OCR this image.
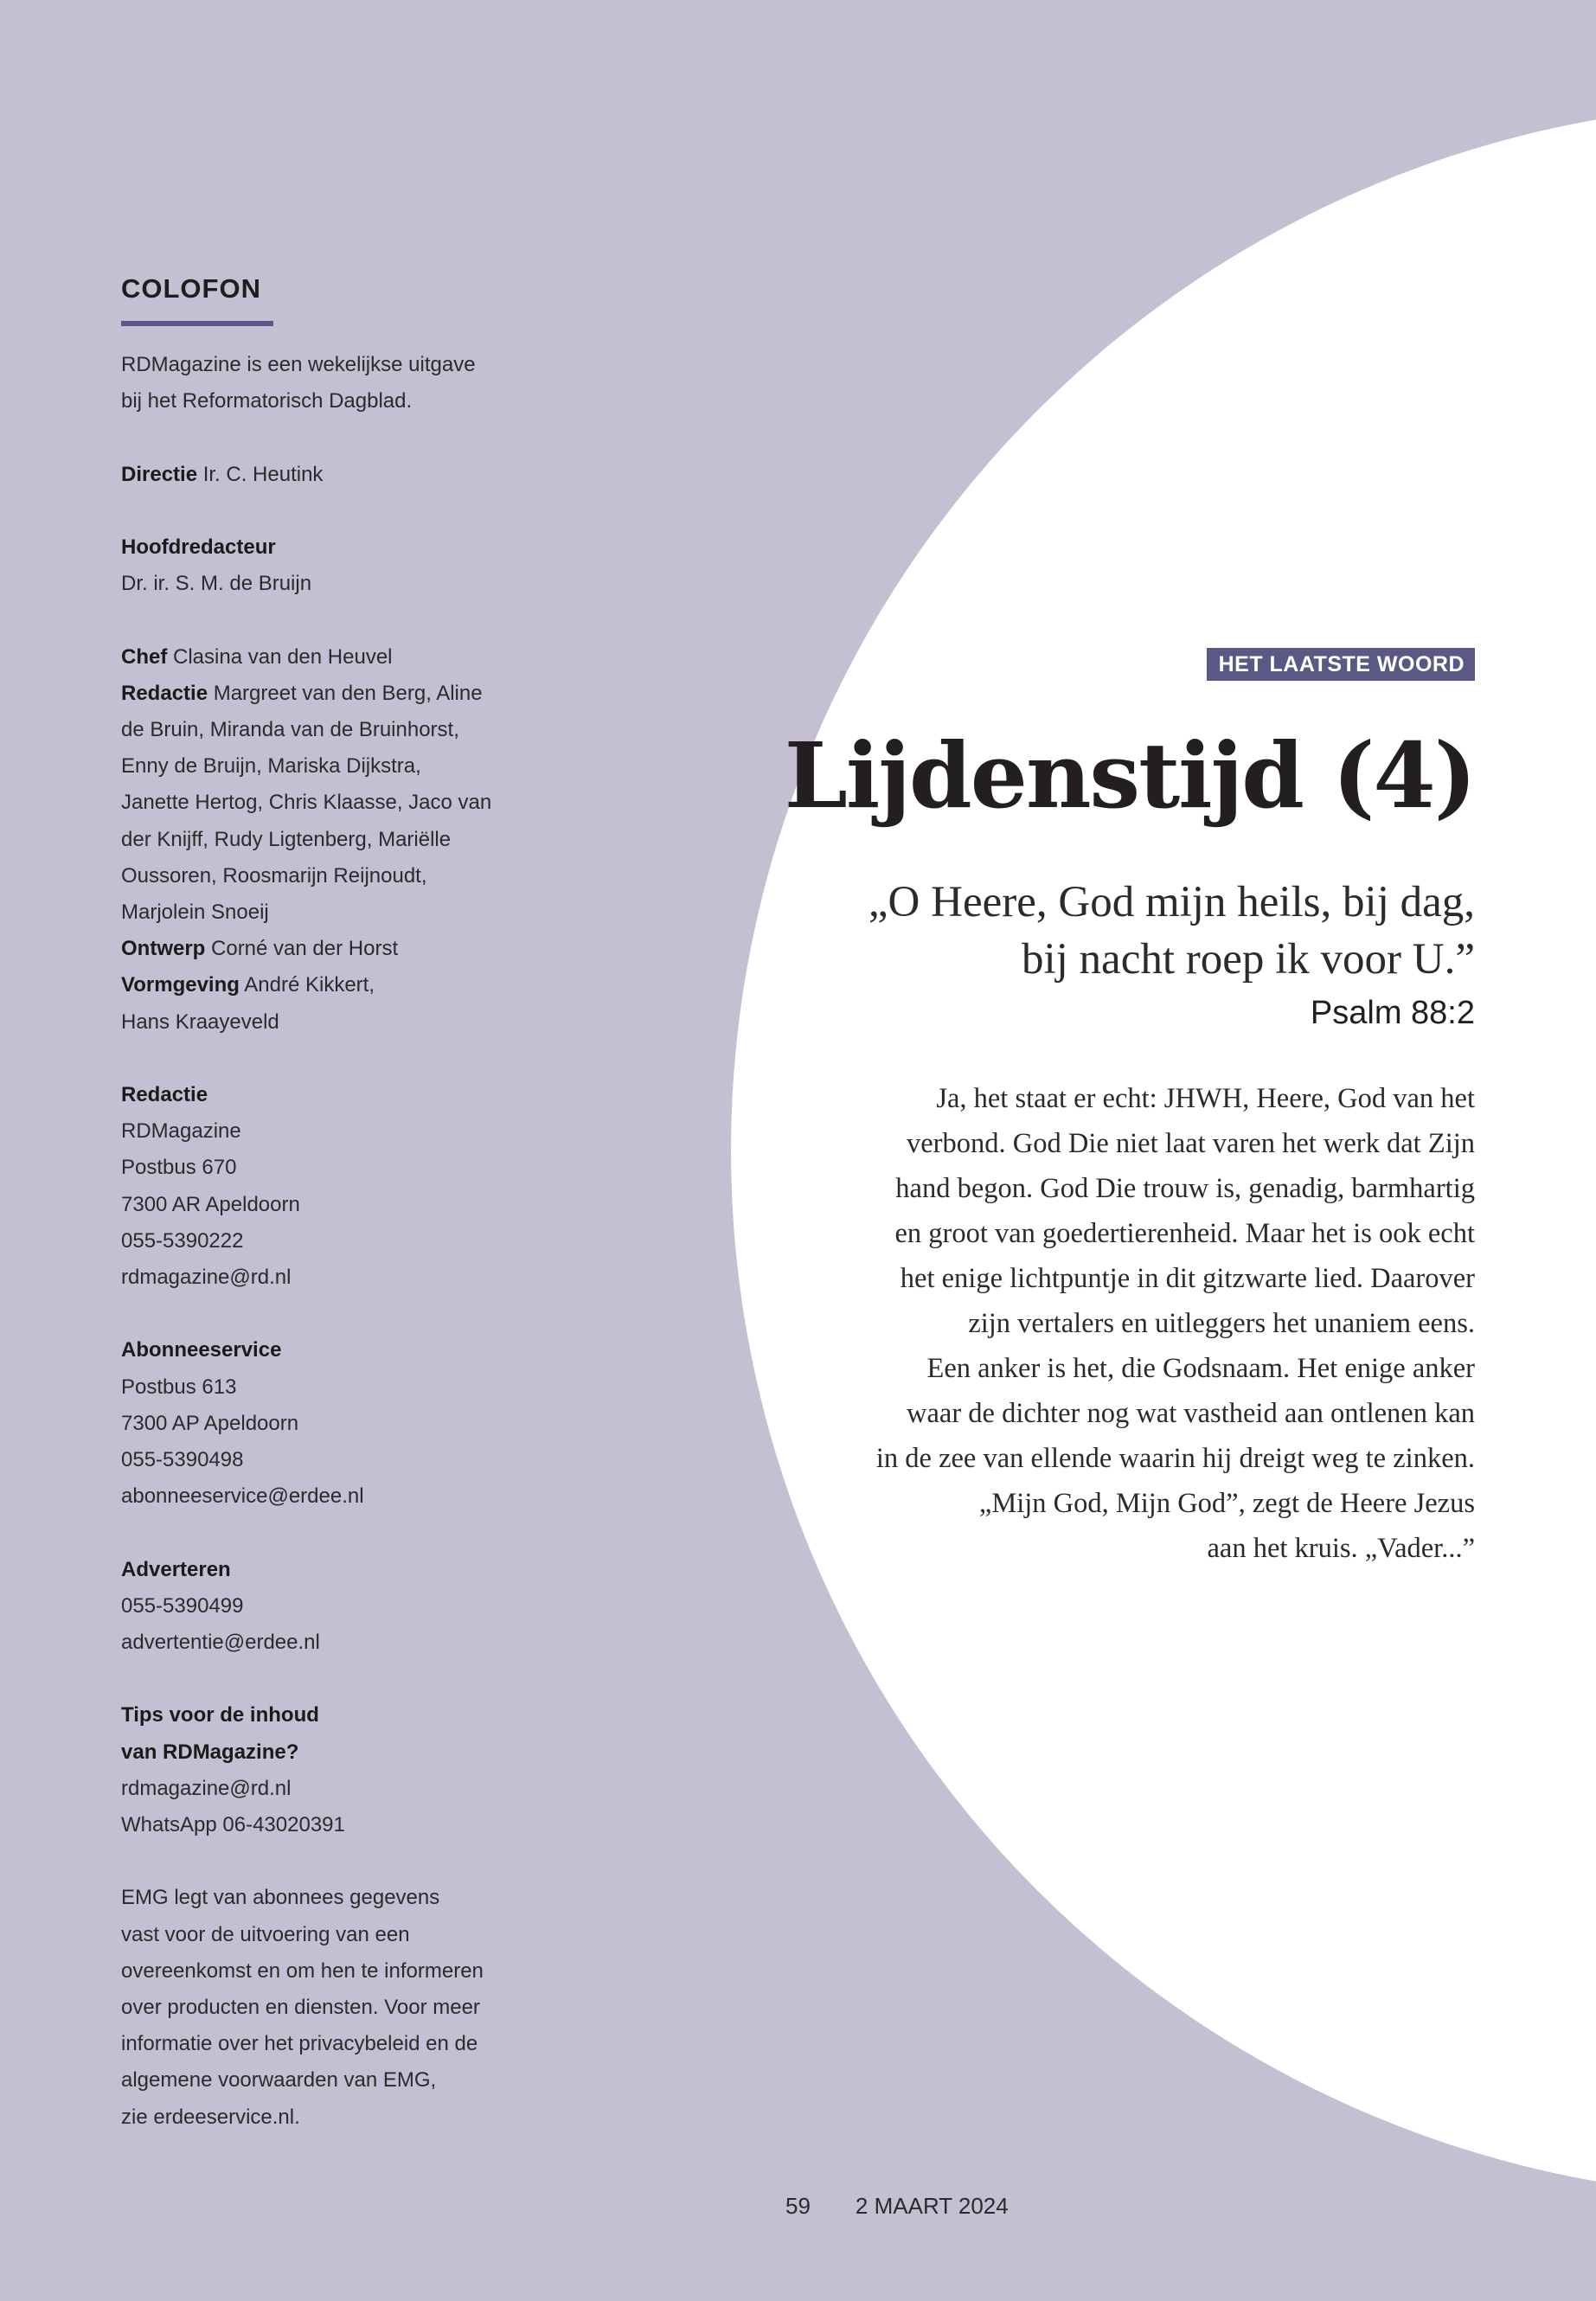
COLOFON

RDMagazine is een wekelijkse uitgave
bij het Reformatorisch Dagblad.

Directie Ir. C. Heutink

Hoofdredacteur
Dr. ir. S. M. de Bruijn

Chef Clasina van den Heuvel
Redactie Margreet van den Berg, Aline
de Bruin, Miranda van de Bruinhorst,
Enny de Bruijn, Mariska Dijkstra,
Janette Hertog, Chris Klaasse, Jaco van
der Knijff, Rudy Ligtenberg, Mariëlle
Oussoren, Roosmarijn Reijnoudt,
Marjolein Snoeij
Ontwerp Corné van der Horst
Vormgeving André Kikkert,
Hans Kraayeveld

Redactie
RDMagazine
Postbus 670
7300 AR Apeldoorn
055-5390222
rdmagazine@rd.nl

Abonneeservice
Postbus 613
7300 AP Apeldoorn
055-5390498
abonneeservice@erdee.nl

Adverteren
055-5390499
advertentie@erdee.nl

Tips voor de inhoud
van RDMagazine?
rdmagazine@rd.nl
WhatsApp 06-43020391

EMG legt van abonnees gegevens
vast voor de uitvoering van een
overeenkomst en om hen te informeren
over producten en diensten. Voor meer
informatie over het privacybeleid en de
algemene voorwaarden van EMG,
zie erdeeservice.nl.

HET LAATSTE WOORD
Lijdenstijd (4)

„O Heere, God mijn heils, bij dag,
bij nacht roep ik voor U.”

Psalm 88:2
Ja, het staat er echt: JHWH, Heere, God van het
verbond. God Die niet laat varen het werk dat Zijn
hand begon. God Die trouw is, genadig, barmhartig
en groot van goedertierenheid. Maar het is ook echt
het enige lichtpuntje in dit gitzwarte lied. Daarover
zijn vertalers en uitleggers het unaniem eens.
Een anker is het, die Godsnaam. Het enige anker
waar de dichter nog wat vastheid aan ontlenen kan
in de zee van ellende waarin hij dreigt weg te zinken.
„Mijn God, Mijn God”, zegt de Heere Jezus
aan het kruis. „Vader...”
59 2 MAART 2024
